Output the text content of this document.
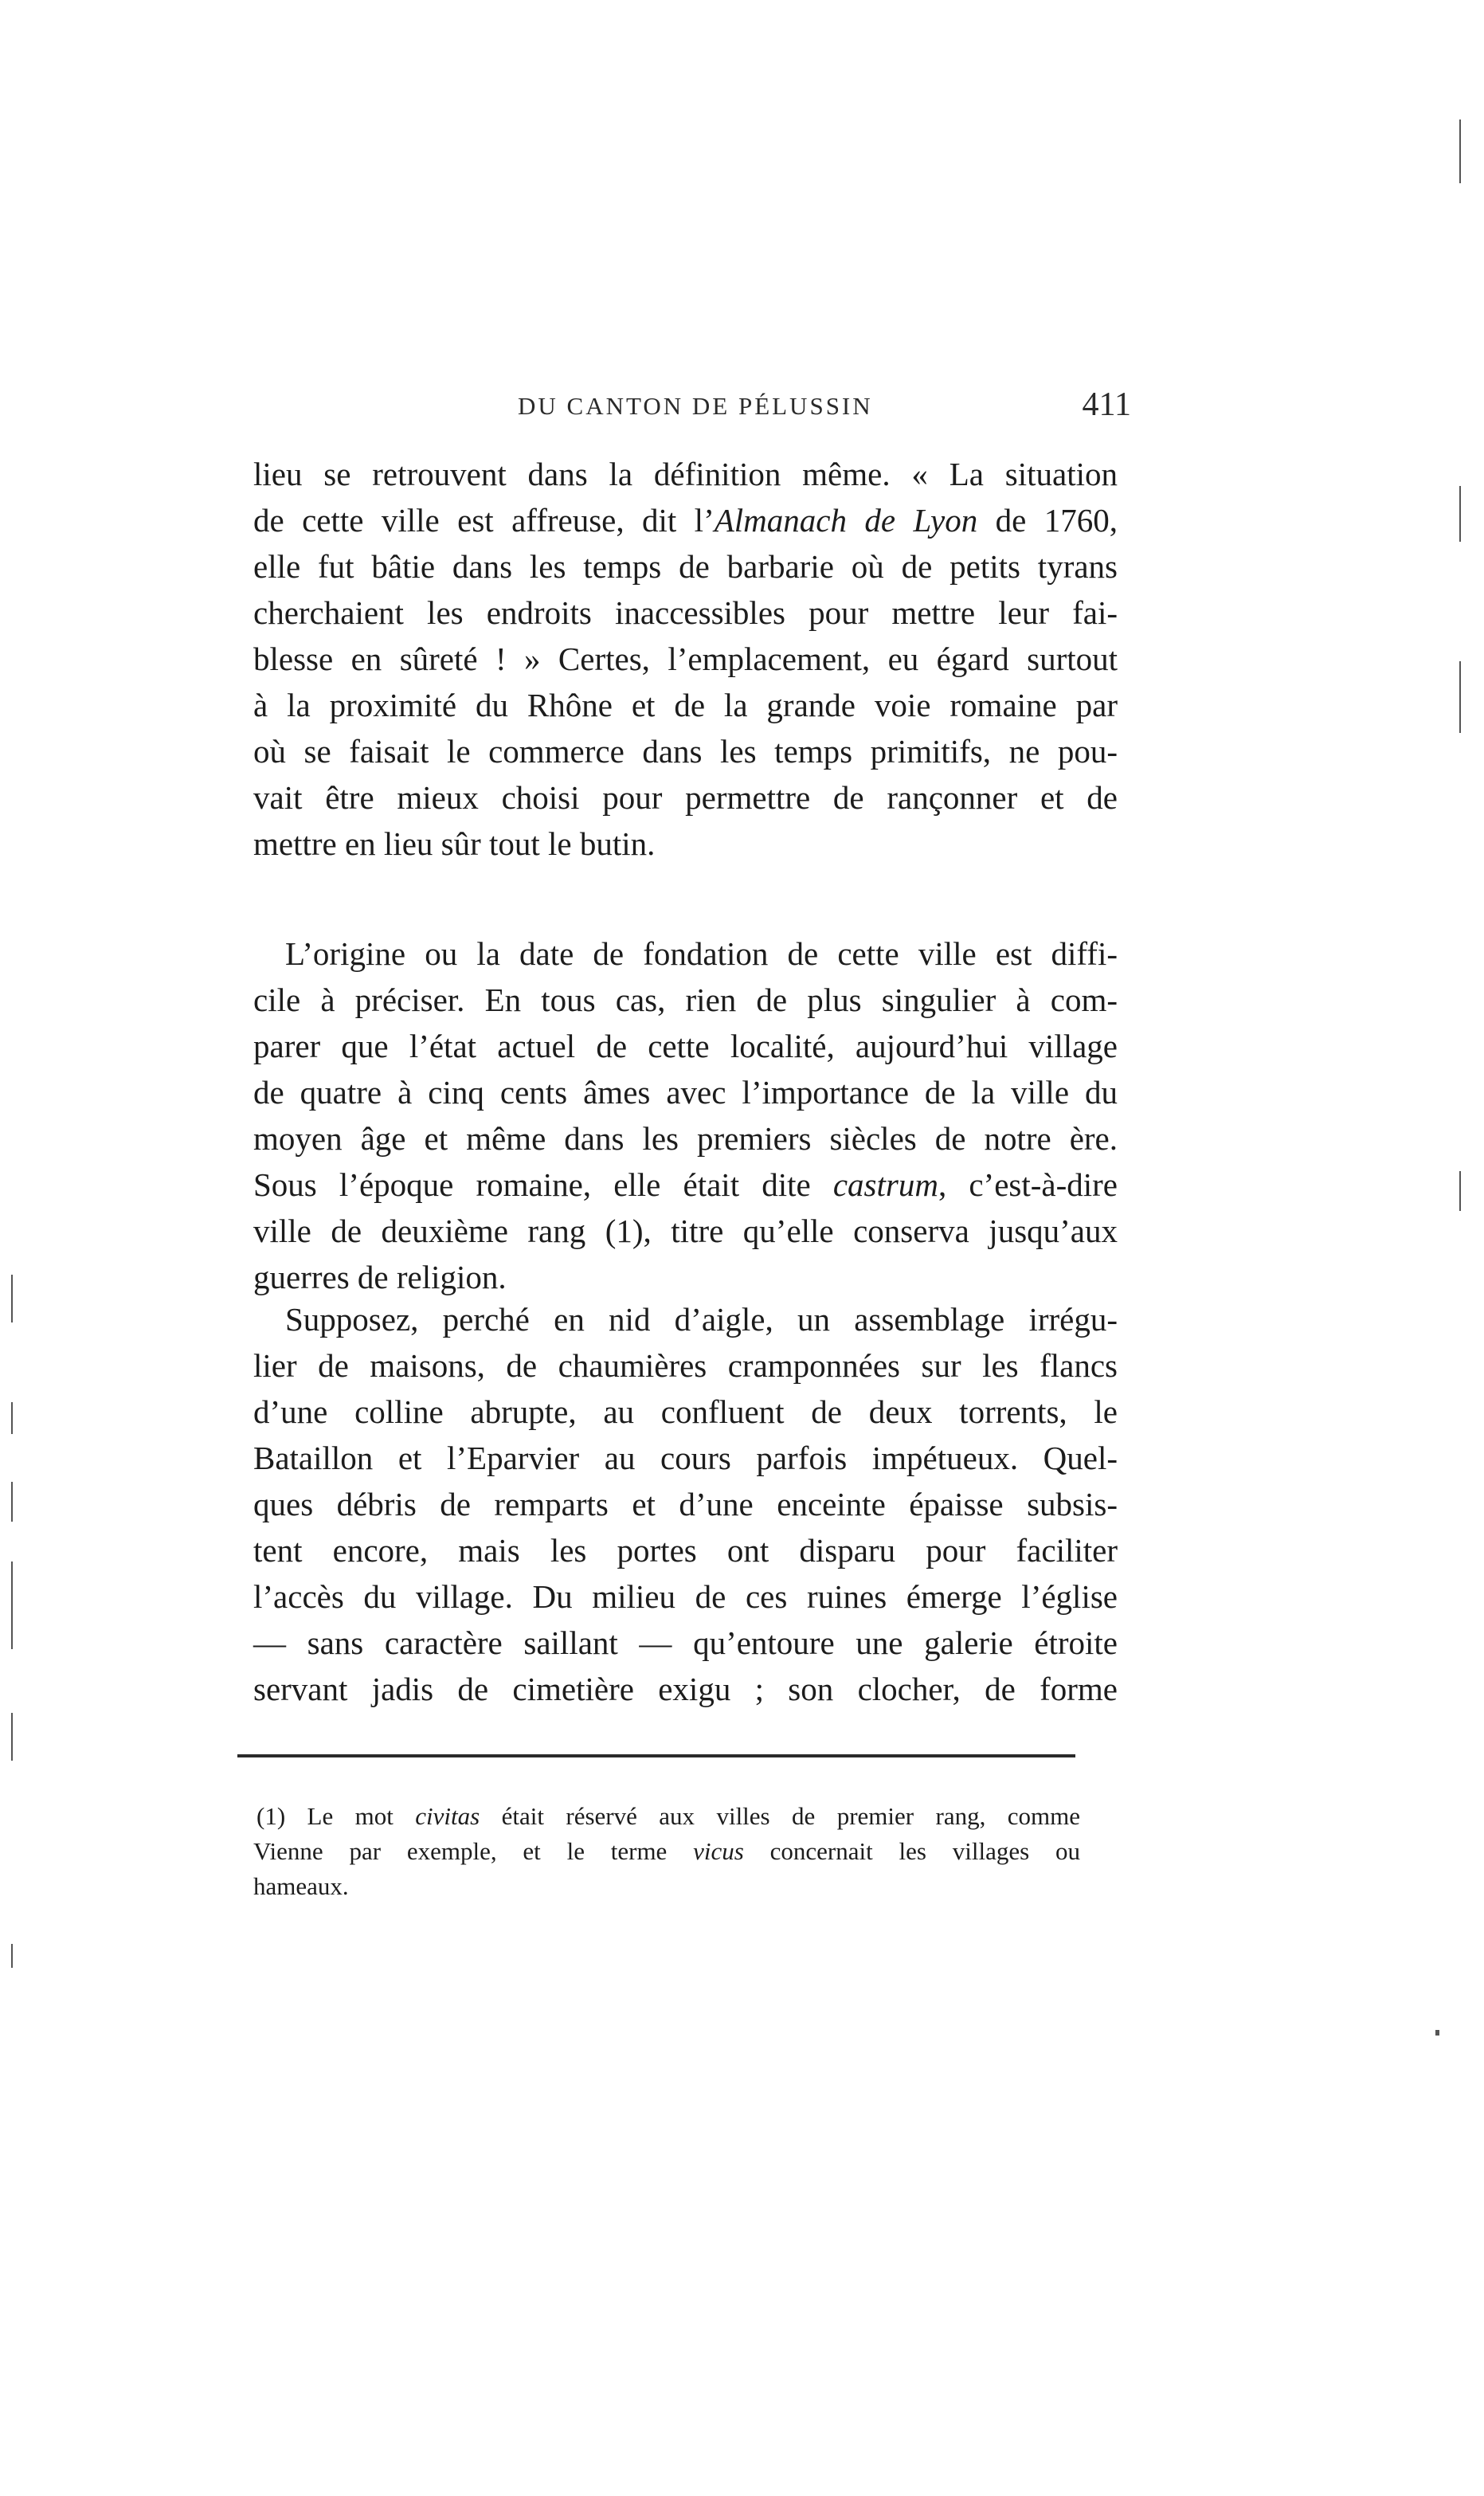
DU CANTON DE PÉLUSSIN	411
lieu se retrouvent dans la définition même. « La situation
de cette ville est affreuse, dit l’Almanach de Lyon de 1760,
elle fut bâtie dans les temps de barbarie où de petits tyrans
cherchaient les endroits inaccessibles pour mettre leur fai-
blesse en sûreté ! » Certes, l’emplacement, eu égard surtout
à la proximité du Rhône et de la grande voie romaine par
où se faisait le commerce dans les temps primitifs, ne pou-
vait être mieux choisi pour permettre de rançonner et de
mettre en lieu sûr tout le butin.
L’origine ou la date de fondation de cette ville est diffi-
cile à préciser. En tous cas, rien de plus singulier à com-
parer que l’état actuel de cette localité, aujourd’hui village
de quatre à cinq cents âmes avec l’importance de la ville du
moyen âge et même dans les premiers siècles de notre ère.
Sous l’époque romaine, elle était dite castrum, c’est-à-dire
ville de deuxième rang (1), titre qu’elle conserva jusqu’aux
guerres de religion.
Supposez, perché en nid d’aigle, un assemblage irrégu-
lier de maisons, de chaumières cramponnées sur les flancs
d’une colline abrupte, au confluent de deux torrents, le
Bataillon et l’Eparvier au cours parfois impétueux. Quel-
ques débris de remparts et d’une enceinte épaisse subsis-
tent encore, mais les portes ont disparu pour faciliter
l’accès du village. Du milieu de ces ruines émerge l’église
— sans caractère saillant — qu’entoure une galerie étroite
servant jadis de cimetière exigu ; son clocher, de forme
(1) Le mot civitas était réservé aux villes de premier rang, comme
Vienne par exemple, et le terme vicus concernait les villages ou
hameaux.
